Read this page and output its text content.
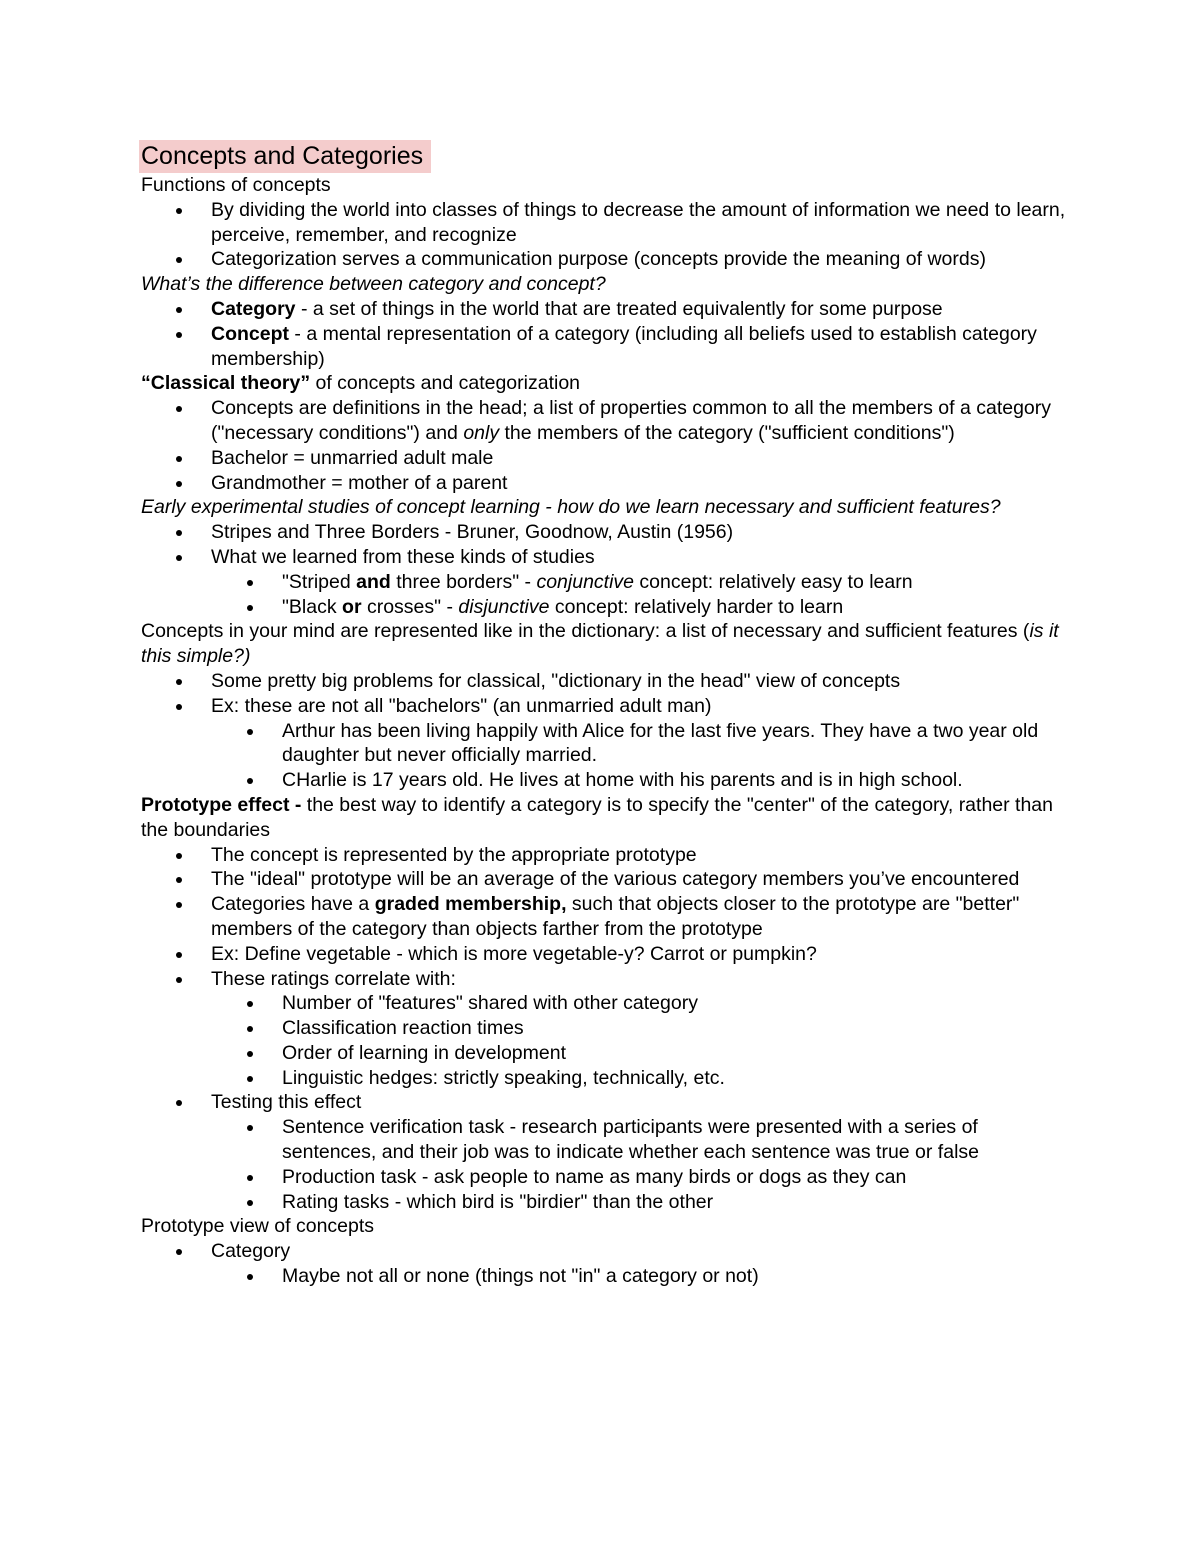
Concepts and Categories
Functions of concepts
By dividing the world into classes of things to decrease the amount of information we need to learn, perceive, remember, and recognize
Categorization serves a communication purpose (concepts provide the meaning of words)
What’s the difference between category and concept?
Category - a set of things in the world that are treated equivalently for some purpose
Concept - a mental representation of a category (including all beliefs used to establish category membership)
“Classical theory” of concepts and categorization
Concepts are definitions in the head; a list of properties common to all the members of a category ("necessary conditions") and only the members of the category ("sufficient conditions")
Bachelor = unmarried adult male
Grandmother = mother of a parent
Early experimental studies of concept learning - how do we learn necessary and sufficient features?
Stripes and Three Borders - Bruner, Goodnow, Austin (1956)
What we learned from these kinds of studies
"Striped and three borders" - conjunctive concept: relatively easy to learn
"Black or crosses" - disjunctive concept: relatively harder to learn
Concepts in your mind are represented like in the dictionary: a list of necessary and sufficient features (is it this simple?)
Some pretty big problems for classical, "dictionary in the head" view of concepts
Ex: these are not all "bachelors" (an unmarried adult man)
Arthur has been living happily with Alice for the last five years. They have a two year old daughter but never officially married.
CHarlie is 17 years old. He lives at home with his parents and is in high school.
Prototype effect - the best way to identify a category is to specify the "center" of the category, rather than the boundaries
The concept is represented by the appropriate prototype
The "ideal" prototype will be an average of the various category members you’ve encountered
Categories have a graded membership, such that objects closer to the prototype are "better" members of the category than objects farther from the prototype
Ex: Define vegetable - which is more vegetable-y? Carrot or pumpkin?
These ratings correlate with:
Number of "features" shared with other category
Classification reaction times
Order of learning in development
Linguistic hedges: strictly speaking, technically, etc.
Testing this effect
Sentence verification task - research participants were presented with a series of sentences, and their job was to indicate whether each sentence was true or false
Production task - ask people to name as many birds or dogs as they can
Rating tasks - which bird is "birdier" than the other
Prototype view of concepts
Category
Maybe not all or none (things not "in" a category or not)
